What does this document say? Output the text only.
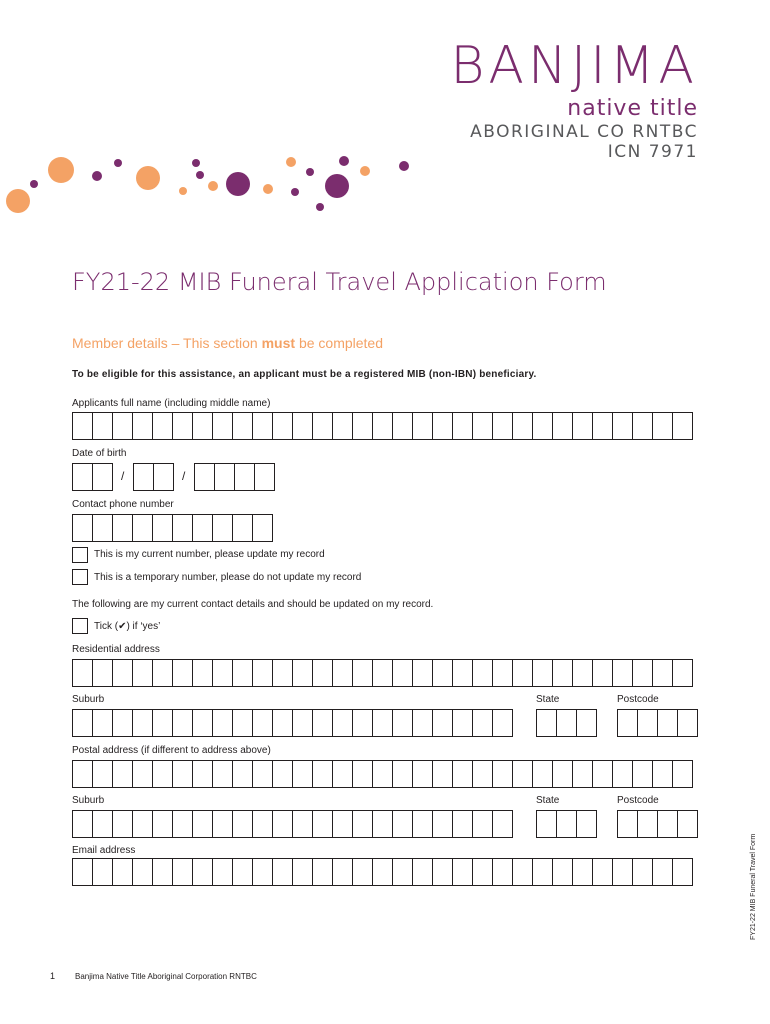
BANJIMA
native title
ABORIGINAL CO RNTBC
ICN 7971
FY21-22 MIB Funeral Travel Application Form
Member details – This section must be completed
To be eligible for this assistance, an applicant must be a registered MIB (non-IBN) beneficiary.
Applicants full name (including middle name)
Date of birth
/	/
Contact phone number
This is my current number, please update my record
This is a temporary number, please do not update my record
The following are my current contact details and should be updated on my record.
Tick (✔) if ‘yes’
Residential address
Suburb	State	Postcode
Postal address (if different to address above)
Suburb	State	Postcode
Email address
1 Banjima Native Title Aboriginal Corporation RNTBC
FY21-22 MIB Funeral Travel Form
